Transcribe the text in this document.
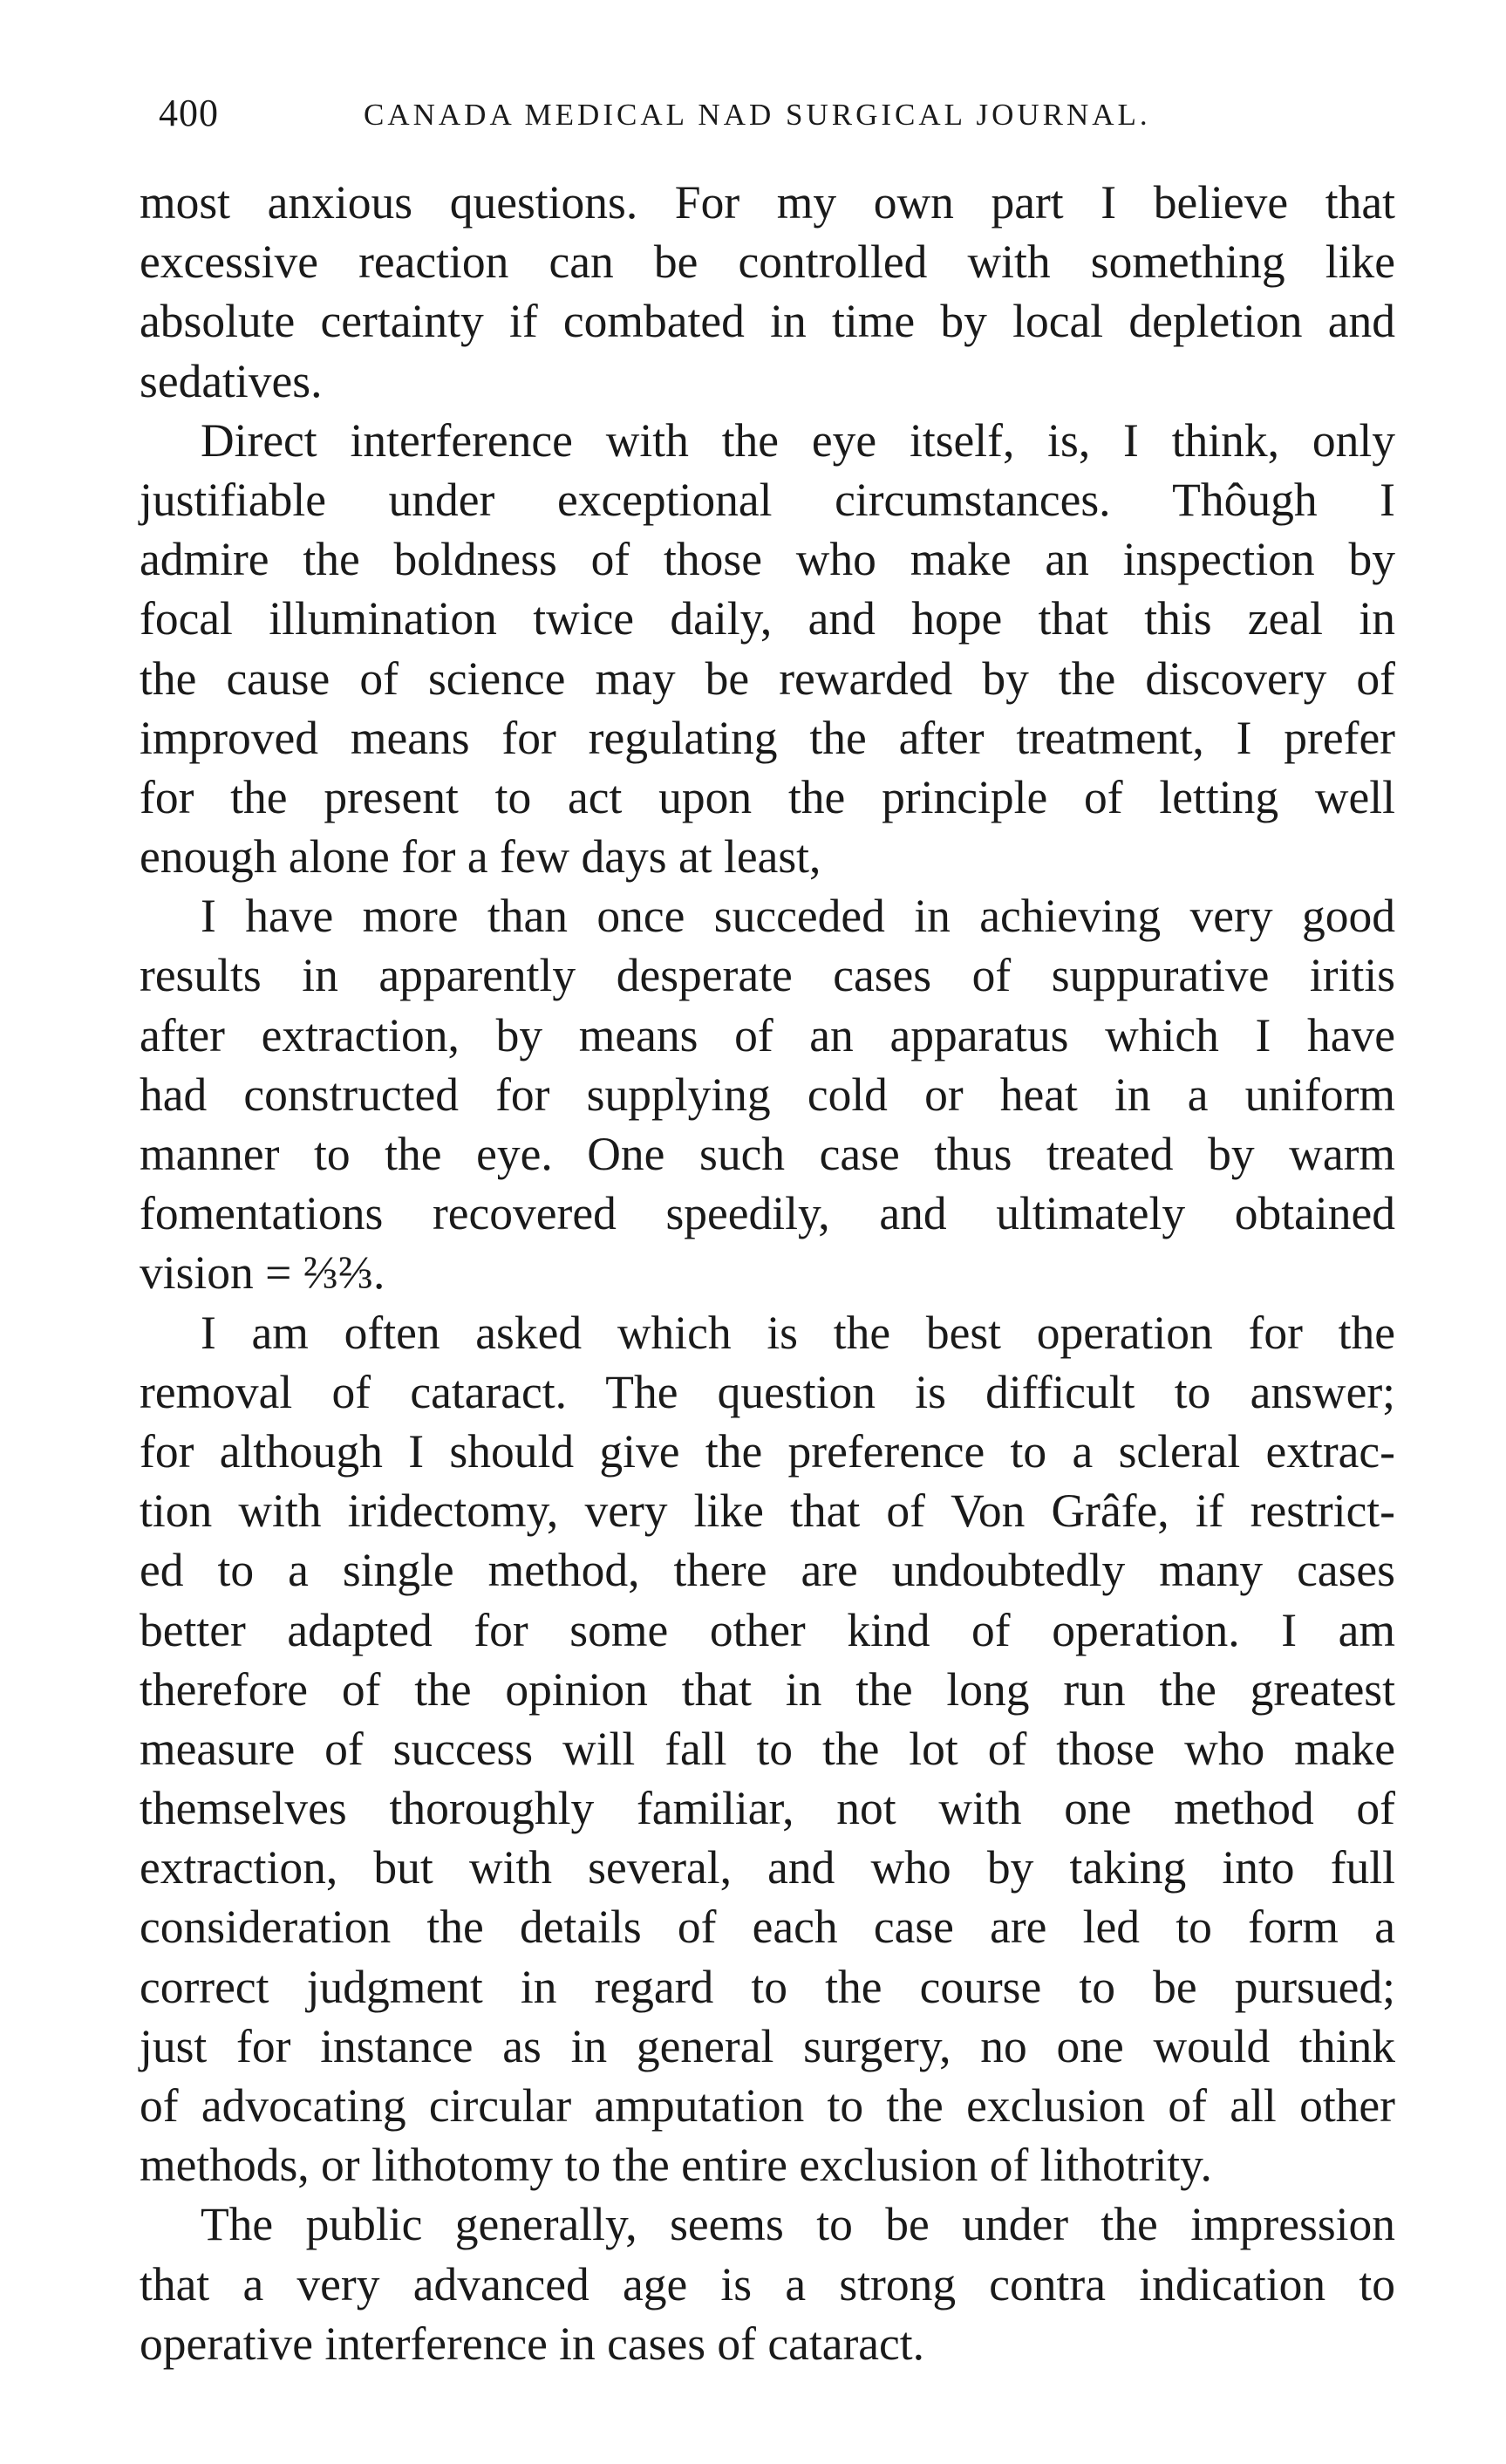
400	CANADA MEDICAL NAD SURGICAL JOURNAL.
most anxious questions. For my own part I believe that
excessive reaction can be controlled with something like
absolute certainty if combated in time by local depletion and
sedatives.
Direct interference with the eye itself, is, I think, only
justifiable under exceptional circumstances. Thôugh I
admire the boldness of those who make an inspection by
focal illumination twice daily, and hope that this zeal in
the cause of science may be rewarded by the discovery of
improved means for regulating the after treatment, I prefer
for the present to act upon the principle of letting well
enough alone for a few days at least,
I have more than once succeded in achieving very good
results in apparently desperate cases of suppurative iritis
after extraction, by means of an apparatus which I have
had constructed for supplying cold or heat in a uniform
manner to the eye. One such case thus treated by warm
fomentations recovered speedily, and ultimately obtained
vision = ⅔⅔.
I am often asked which is the best operation for the
removal of cataract. The question is difficult to answer;
for although I should give the preference to a scleral extrac-
tion with iridectomy, very like that of Von Grâfe, if restrict-
ed to a single method, there are undoubtedly many cases
better adapted for some other kind of operation. I am
therefore of the opinion that in the long run the greatest
measure of success will fall to the lot of those who make
themselves thoroughly familiar, not with one method of
extraction, but with several, and who by taking into full
consideration the details of each case are led to form a
correct judgment in regard to the course to be pursued;
just for instance as in general surgery, no one would think
of advocating circular amputation to the exclusion of all other
methods, or lithotomy to the entire exclusion of lithotrity.
The public generally, seems to be under the impression
that a very advanced age is a strong contra indication to
operative interference in cases of cataract.
